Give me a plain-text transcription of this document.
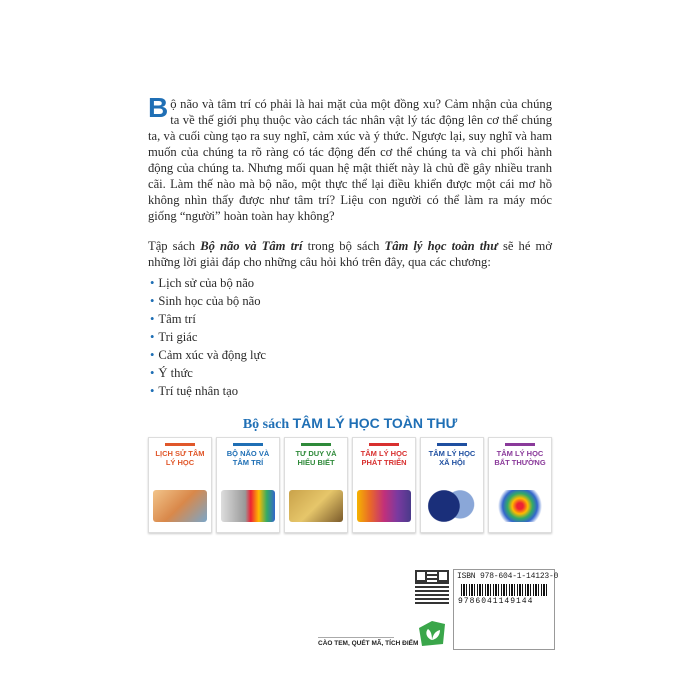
Bộ não và tâm trí có phải là hai mặt của một đồng xu? Cảm nhận của chúng ta về thế giới phụ thuộc vào cách tác nhân vật lý tác động lên cơ thể chúng ta, và cuối cùng tạo ra suy nghĩ, cảm xúc và ý thức. Ngược lại, suy nghĩ và ham muốn của chúng ta rõ ràng có tác động đến cơ thể chúng ta và chi phối hành động của chúng ta. Nhưng mối quan hệ mật thiết này là chủ đề gây nhiều tranh cãi. Làm thế nào mà bộ não, một thực thể lại điều khiển được một cái mơ hồ không nhìn thấy được như tâm trí? Liệu con người có thể làm ra máy móc giống “người” hoàn toàn hay không?

Tập sách Bộ não và Tâm trí trong bộ sách Tâm lý học toàn thư sẽ hé mở những lời giải đáp cho những câu hỏi khó trên đây, qua các chương:

• Lịch sử của bộ não
• Sinh học của bộ não
• Tâm trí
• Tri giác
• Cảm xúc và động lực
• Ý thức
• Trí tuệ nhân tạo
Bộ sách TÂM LÝ HỌC TOÀN THƯ
LỊCH SỬ TÂM LÝ HỌC
BỘ NÃO VÀ TÂM TRÍ
TƯ DUY VÀ HIỂU BIẾT
TÂM LÝ HỌC PHÁT TRIỂN
TÂM LÝ HỌC XÃ HỘI
TÂM LÝ HỌC BẤT THƯỜNG
ISBN 978-604-1-14123-0
9786041149144
CÀO TEM, QUÉT MÃ, TÍCH ĐIỂM
